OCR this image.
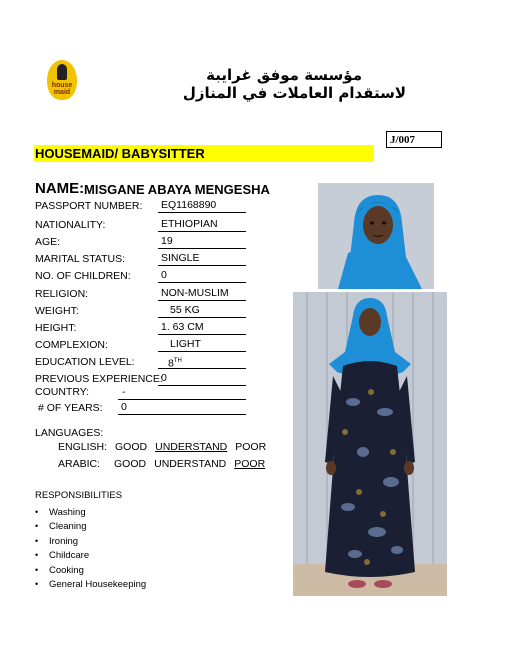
house maid
مؤسسة موفق غرايبة
لاستقدام العاملات في المنازل
J/007
HOUSEMAID/ BABYSITTER
NAME: MISGANE ABAYA MENGESHA
PASSPORT NUMBER: EQ1168890
NATIONALITY:	ETHIOPIAN
AGE:	19
MARITAL STATUS:	SINGLE
NO. OF CHILDREN:	0
RELIGION:	NON-MUSLIM
WEIGHT:	55 KG
HEIGHT:	1. 63 CM
COMPLEXION:	LIGHT
EDUCATION LEVEL:	8TH
PREVIOUS EXPERIENCE:
0
COUNTRY:	-
# OF YEARS: 0
LANGUAGES:
ENGLISH: GOOD UNDERSTAND POOR
ARABIC: GOOD UNDERSTAND POOR
RESPONSIBILITIES
• Washing
• Cleaning
• Ironing
• Childcare
• Cooking
• General Housekeeping
